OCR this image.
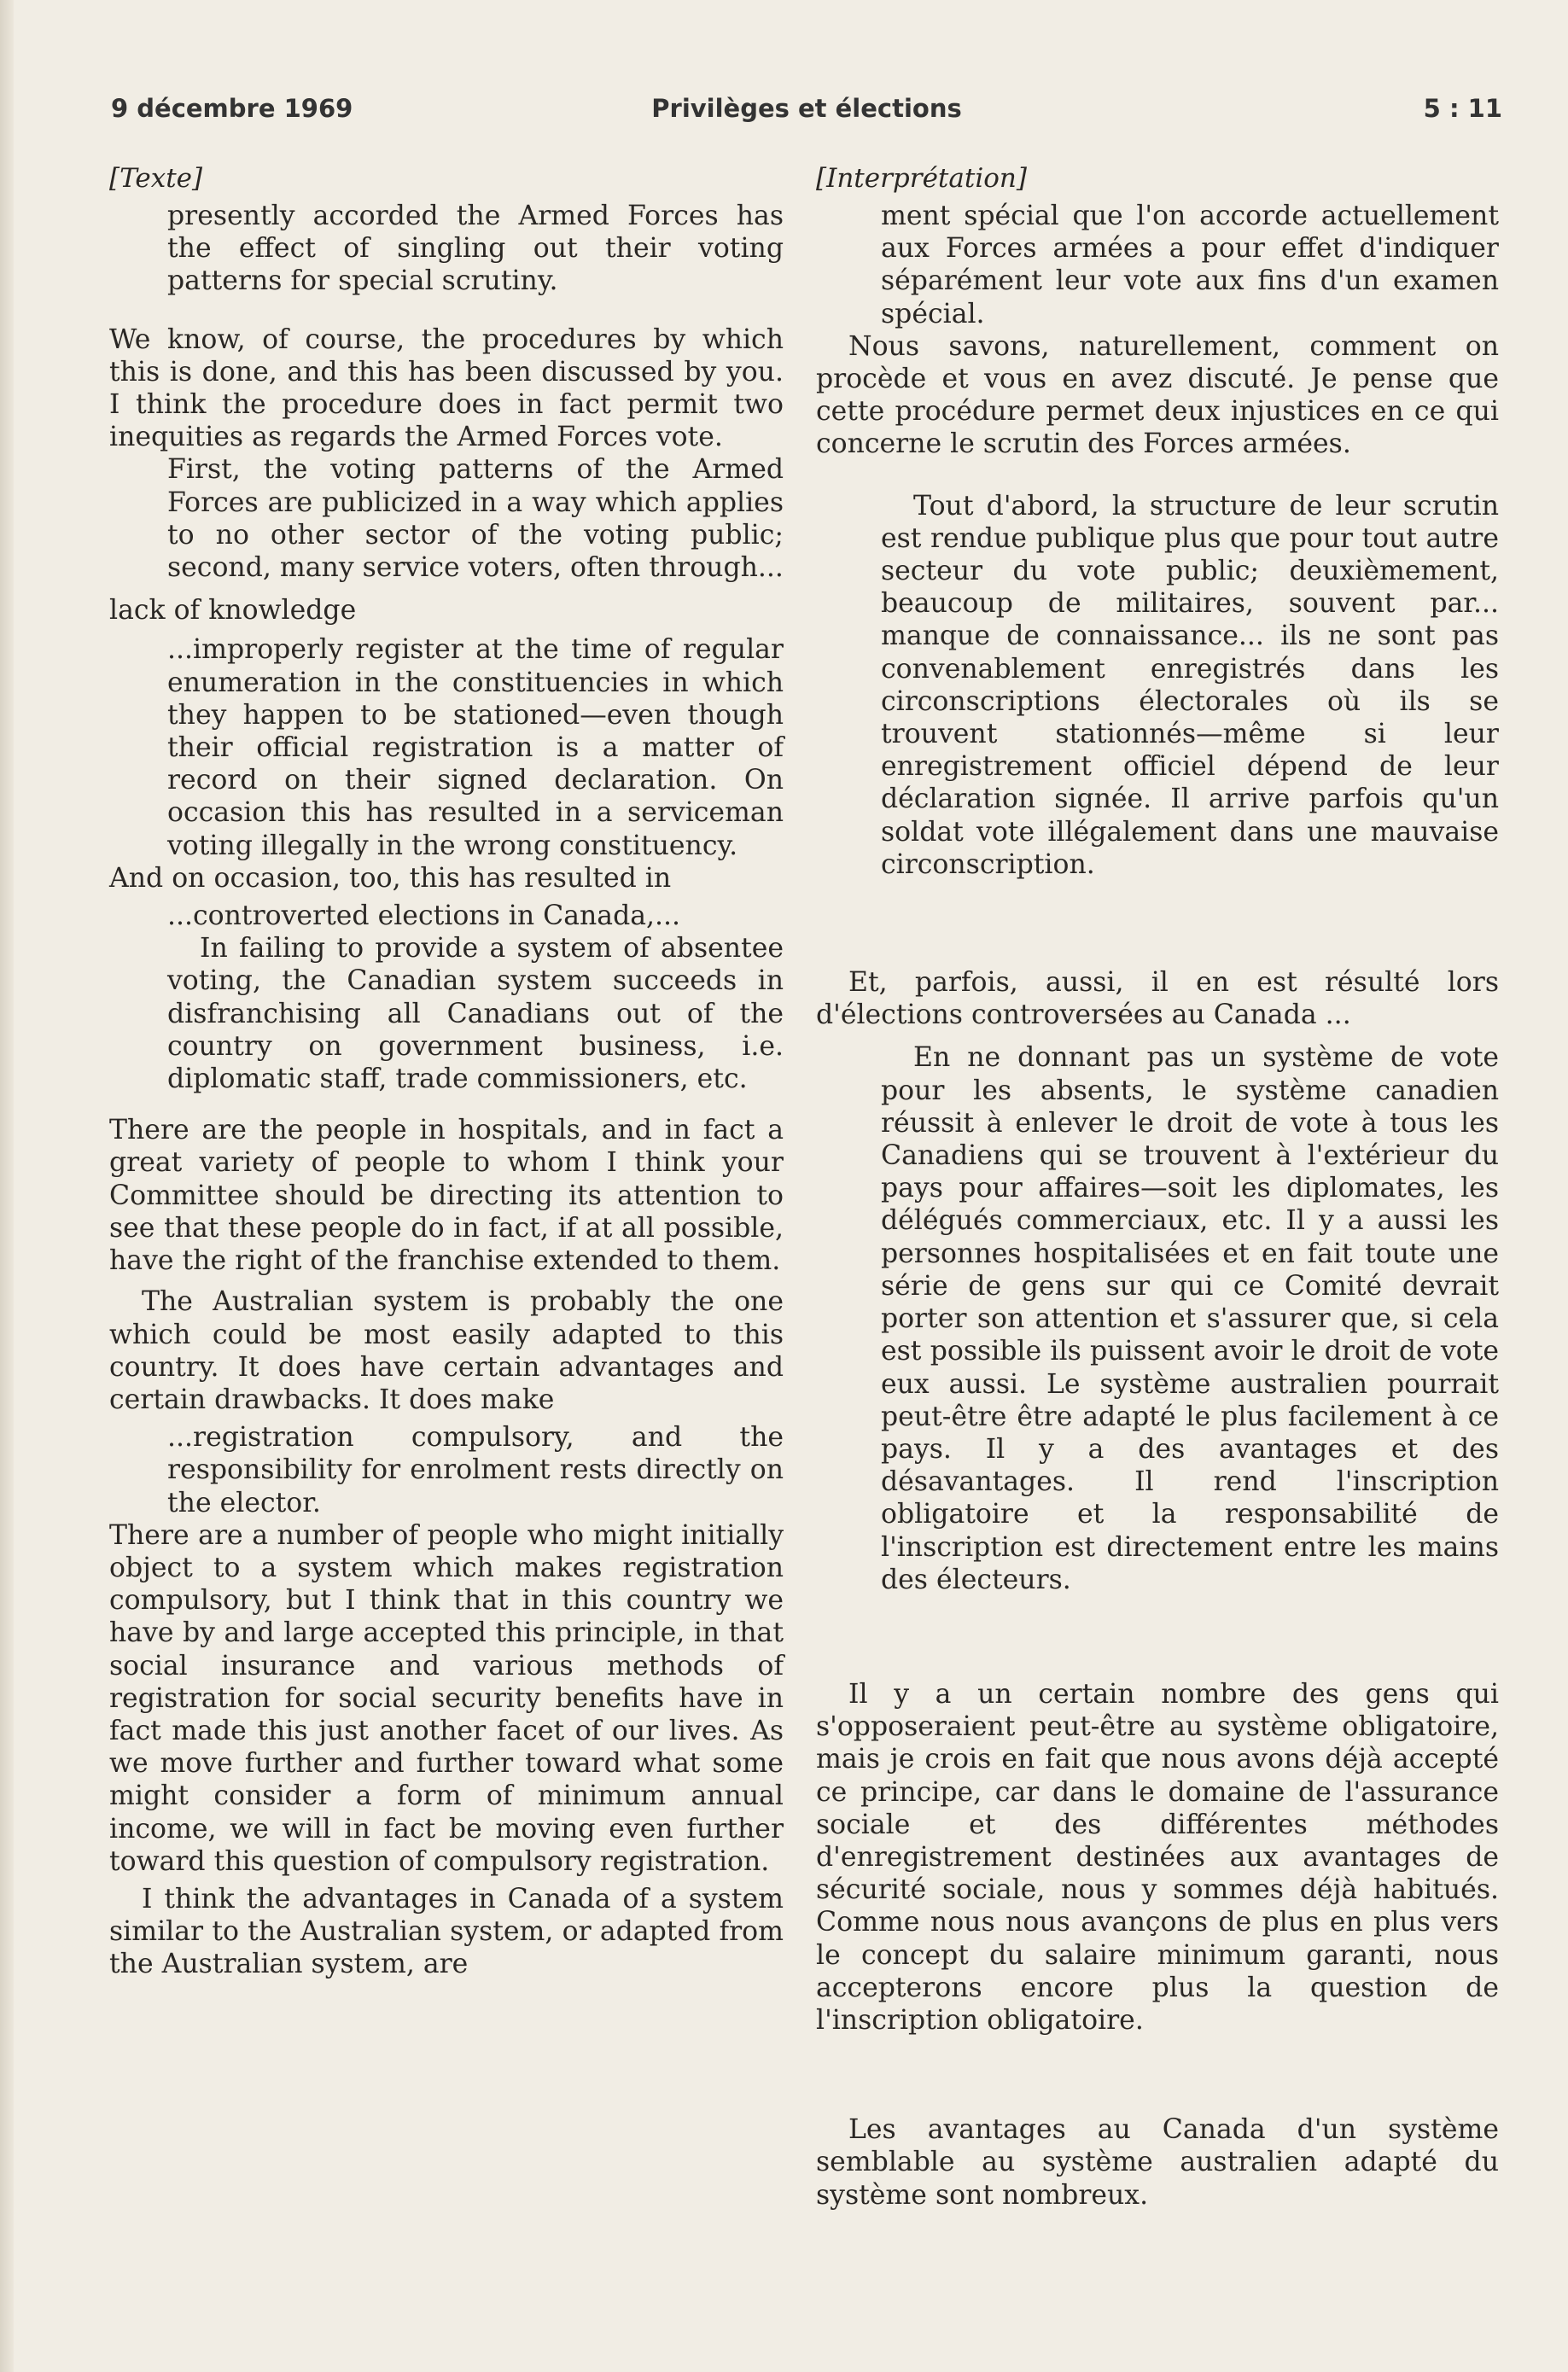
9 décembre 1969	Privilèges et élections	5 : 11
[Texte]

presently accorded the Armed Forces has the effect of singling out their voting patterns for special scrutiny.

We know, of course, the procedures by which this is done, and this has been discussed by you. I think the procedure does in fact permit two inequities as regards the Armed Forces vote.

First, the voting patterns of the Armed Forces are publicized in a way which applies to no other sector of the voting public; second, many service voters, often through...

lack of knowledge

...improperly register at the time of regular enumeration in the constituencies in which they happen to be stationed—even though their official registration is a matter of record on their signed declaration. On occasion this has resulted in a serviceman voting illegally in the wrong constituency.

And on occasion, too, this has resulted in

...controverted elections in Canada,...

In failing to provide a system of absentee voting, the Canadian system succeeds in disfranchising all Canadians out of the country on government business, i.e. diplomatic staff, trade commissioners, etc.

There are the people in hospitals, and in fact a great variety of people to whom I think your Committee should be directing its attention to see that these people do in fact, if at all possible, have the right of the franchise extended to them.

The Australian system is probably the one which could be most easily adapted to this country. It does have certain advantages and certain drawbacks. It does make

...registration compulsory, and the responsibility for enrolment rests directly on the elector.

There are a number of people who might initially object to a system which makes registration compulsory, but I think that in this country we have by and large accepted this principle, in that social insurance and various methods of registration for social security benefits have in fact made this just another facet of our lives. As we move further and further toward what some might consider a form of minimum annual income, we will in fact be moving even further toward this question of compulsory registration.

I think the advantages in Canada of a system similar to the Australian system, or adapted from the Australian system, are

[Interprétation]

ment spécial que l'on accorde actuellement aux Forces armées a pour effet d'indiquer séparément leur vote aux fins d'un examen spécial.

Nous savons, naturellement, comment on procède et vous en avez discuté. Je pense que cette procédure permet deux injustices en ce qui concerne le scrutin des Forces armées.

Tout d'abord, la structure de leur scrutin est rendue publique plus que pour tout autre secteur du vote public; deuxièmement, beaucoup de militaires, souvent par... manque de connaissance... ils ne sont pas convenablement enregistrés dans les circonscriptions électorales où ils se trouvent stationnés—même si leur enregistrement officiel dépend de leur déclaration signée. Il arrive parfois qu'un soldat vote illégalement dans une mauvaise circonscription.

Et, parfois, aussi, il en est résulté lors d'élections controversées au Canada ...

En ne donnant pas un système de vote pour les absents, le système canadien réussit à enlever le droit de vote à tous les Canadiens qui se trouvent à l'extérieur du pays pour affaires—soit les diplomates, les délégués commerciaux, etc. Il y a aussi les personnes hospitalisées et en fait toute une série de gens sur qui ce Comité devrait porter son attention et s'assurer que, si cela est possible ils puissent avoir le droit de vote eux aussi. Le système australien pourrait peut-être être adapté le plus facilement à ce pays. Il y a des avantages et des désavantages. Il rend l'inscription obligatoire et la responsabilité de l'inscription est directement entre les mains des électeurs.

Il y a un certain nombre des gens qui s'opposeraient peut-être au système obligatoire, mais je crois en fait que nous avons déjà accepté ce principe, car dans le domaine de l'assurance sociale et des différentes méthodes d'enregistrement destinées aux avantages de sécurité sociale, nous y sommes déjà habitués. Comme nous nous avançons de plus en plus vers le concept du salaire minimum garanti, nous accepterons encore plus la question de l'inscription obligatoire.

Les avantages au Canada d'un système semblable au système australien adapté du système sont nombreux.
